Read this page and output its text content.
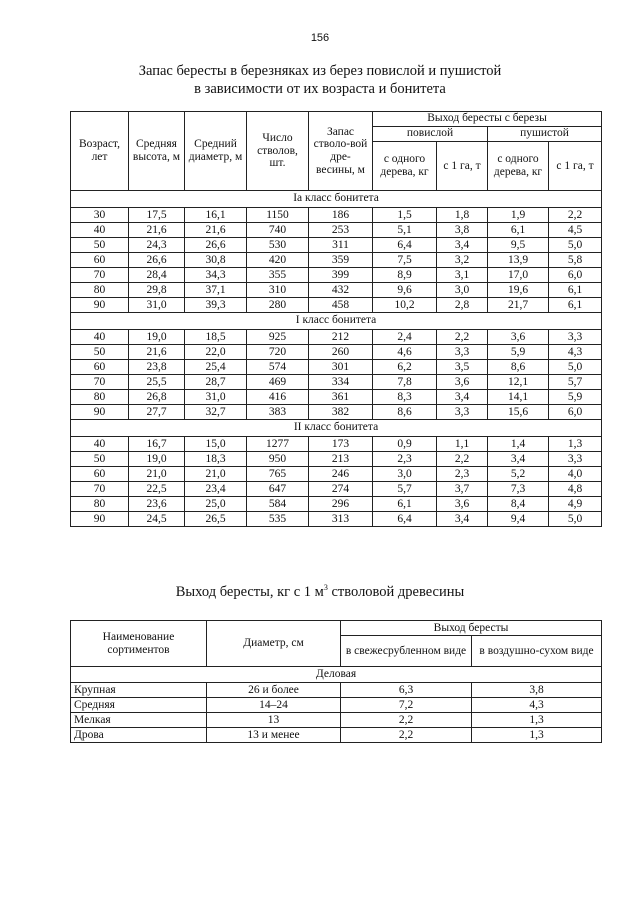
156
Запас бересты в березняках из берез повислой и пушистой
в зависимости от их возраста и бонитета
Возраст, лет	Средняя высота, м	Средний диаметр, м	Число стволов, шт.	Запас стволо-вой дре-весины, м	Выход бересты с березы			
					повислой		пушистой	
					с одного дерева, кг	с 1 га, т	с одного дерева, кг	с 1 га, т
Iа класс бонитета								
30	17,5	16,1	1150	186	1,5	1,8	1,9	2,2
40	21,6	21,6	740	253	5,1	3,8	6,1	4,5
50	24,3	26,6	530	311	6,4	3,4	9,5	5,0
60	26,6	30,8	420	359	7,5	3,2	13,9	5,8
70	28,4	34,3	355	399	8,9	3,1	17,0	6,0
80	29,8	37,1	310	432	9,6	3,0	19,6	6,1
90	31,0	39,3	280	458	10,2	2,8	21,7	6,1
I класс бонитета								
40	19,0	18,5	925	212	2,4	2,2	3,6	3,3
50	21,6	22,0	720	260	4,6	3,3	5,9	4,3
60	23,8	25,4	574	301	6,2	3,5	8,6	5,0
70	25,5	28,7	469	334	7,8	3,6	12,1	5,7
80	26,8	31,0	416	361	8,3	3,4	14,1	5,9
90	27,7	32,7	383	382	8,6	3,3	15,6	6,0
II класс бонитета								
40	16,7	15,0	1277	173	0,9	1,1	1,4	1,3
50	19,0	18,3	950	213	2,3	2,2	3,4	3,3
60	21,0	21,0	765	246	3,0	2,3	5,2	4,0
70	22,5	23,4	647	274	5,7	3,7	7,3	4,8
80	23,6	25,0	584	296	6,1	3,6	8,4	4,9
90	24,5	26,5	535	313	6,4	3,4	9,4	5,0
Выход бересты, кг с 1 $м^3$ стволовой древесины
Наименование сортиментов	Диаметр, см	Выход бересты	
		в свежесрубленном виде	в воздушно-сухом виде
Деловая			
Крупная	26 и более	6,3	3,8
Средняя	14–24	7,2	4,3
Мелкая	13	2,2	1,3
Дрова	13 и менее	2,2	1,3
